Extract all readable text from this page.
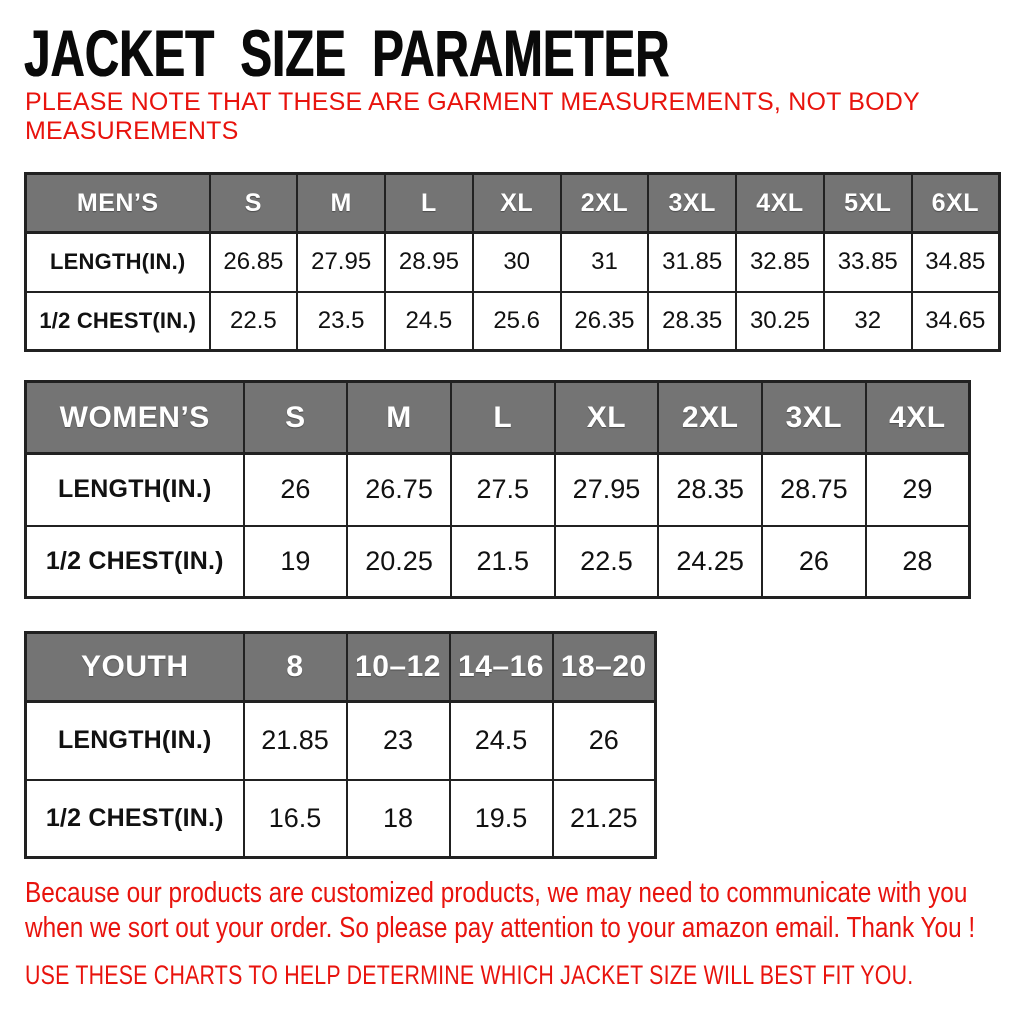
JACKET SIZE PARAMETER
PLEASE NOTE THAT THESE ARE GARMENT MEASUREMENTS, NOT BODY
MEASUREMENTS
MEN’S	S	M	L	XL	2XL	3XL	4XL	5XL	6XL
LENGTH(IN.)	26.85	27.95	28.95	30	31	31.85	32.85	33.85	34.85
1/2 CHEST(IN.)	22.5	23.5	24.5	25.6	26.35	28.35	30.25	32	34.65
WOMEN’S	S	M	L	XL	2XL	3XL	4XL
LENGTH(IN.)	26	26.75	27.5	27.95	28.35	28.75	29
1/2 CHEST(IN.)	19	20.25	21.5	22.5	24.25	26	28
YOUTH	8	10–12	14–16	18–20
LENGTH(IN.)	21.85	23	24.5	26
1/2 CHEST(IN.)	16.5	18	19.5	21.25
Because our products are customized products, we may need to communicate with you
when we sort out your order. So please pay attention to your amazon email. Thank You !
USE THESE CHARTS TO HELP DETERMINE WHICH JACKET SIZE WILL BEST FIT YOU.
